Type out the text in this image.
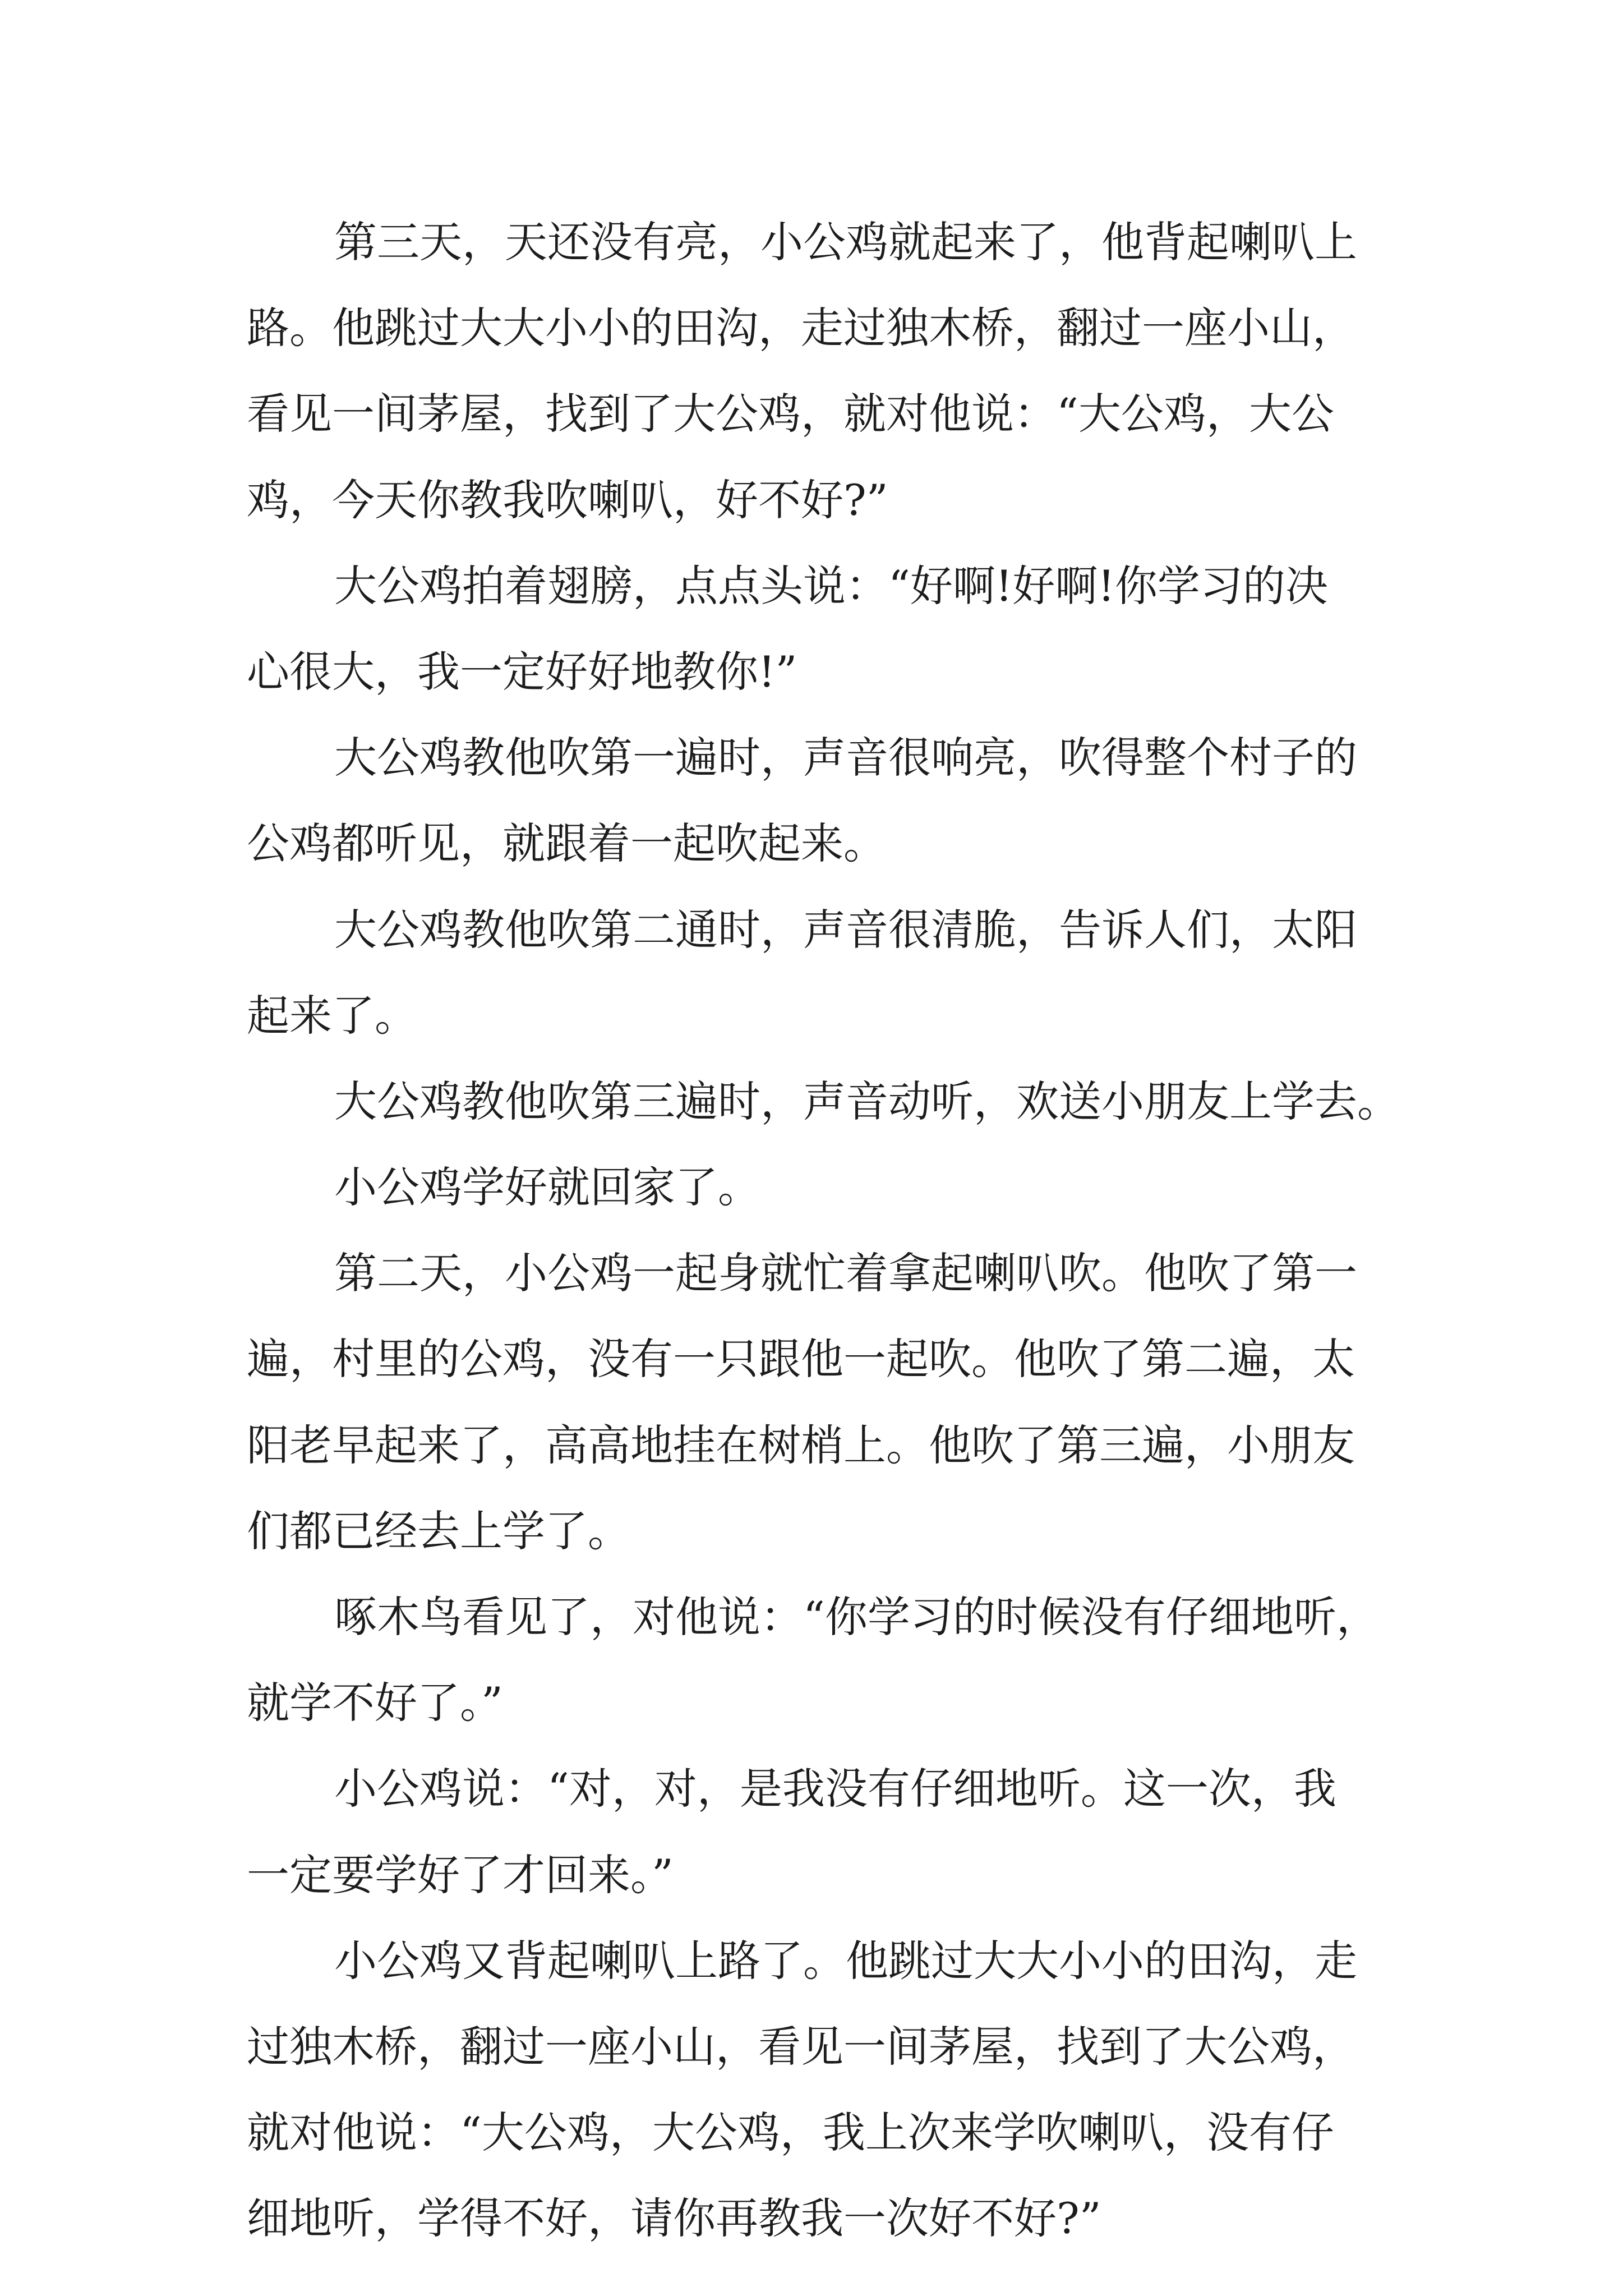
第三天，天还没有亮，小公鸡就起来了，他背起喇叭上
路。他跳过大大小小的田沟，走过独木桥，翻过一座小山，
看见一间茅屋，找到了大公鸡，就对他说：“大公鸡，大公
鸡，今天你教我吹喇叭，好不好?”
大公鸡拍着翅膀，点点头说：“好啊!好啊!你学习的决
心很大，我一定好好地教你!”
大公鸡教他吹第一遍时，声音很响亮，吹得整个村子的
公鸡都听见，就跟着一起吹起来。
大公鸡教他吹第二通时，声音很清脆，告诉人们，太阳
起来了。
大公鸡教他吹第三遍时，声音动听，欢送小朋友上学去。
小公鸡学好就回家了。
第二天，小公鸡一起身就忙着拿起喇叭吹。他吹了第一
遍，村里的公鸡，没有一只跟他一起吹。他吹了第二遍，太
阳老早起来了，高高地挂在树梢上。他吹了第三遍，小朋友
们都已经去上学了。
啄木鸟看见了，对他说：“你学习的时候没有仔细地听，
就学不好了。”
小公鸡说：“对，对，是我没有仔细地听。这一次，我
一定要学好了才回来。”
小公鸡又背起喇叭上路了。他跳过大大小小的田沟，走
过独木桥，翻过一座小山，看见一间茅屋，找到了大公鸡，
就对他说：“大公鸡，大公鸡，我上次来学吹喇叭，没有仔
细地听，学得不好，请你再教我一次好不好?”
